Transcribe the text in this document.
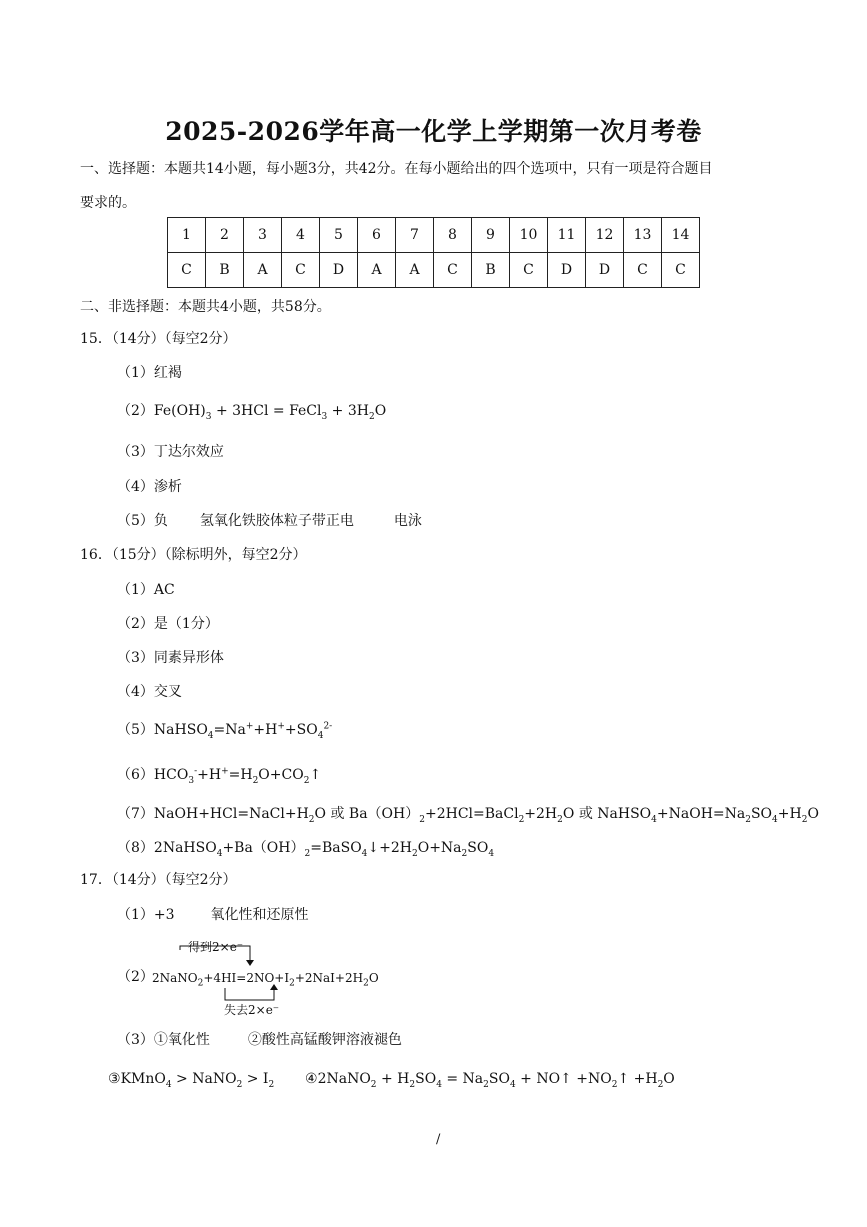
2025-2026学年高一化学上学期第一次月考卷
一、选择题：本题共14小题，每小题3分，共42分。在每小题给出的四个选项中，只有一项是符合题目
要求的。
1	2	3	4	5	6	7	8	9	10	11	12	13	14
C	B	A	C	D	A	A	C	B	C	D	D	C	C
二、非选择题：本题共4小题，共58分。
15．（14分）（每空2分）
（1）红褐
$(2)Fe(OH)_3 + 3HCl$ = FeCl$_3$ + $3H_2O$
（3）丁达尔效应
（4）渗析
（5）负 氢氧化铁胶体粒子带正电	电泳
16．（15分）（除标明外，每空2分）
（1）AC
（2）是（1分）
（3）同素异形体
（4）交叉
$(5)NaHSO_4=Na^++H^++SO_4^{2-}$
$(6)HCO_3^-+H^+=H_2O+CO_2↑$
$(7)NaOH+HCl=NaCl+H_2O$ 或 $Ba(OH)_2+2HCl=BaCl_2+2H_2O$ 或 $NaHSO_4+NaOH=Na_2SO_4+H_2O$
$(8)2NaHSO_4+Ba(OH)_2=BaSO_4↓+2H_2O+Na_2SO_4$
17．（14分）（每空2分）
（1）+3	氧化性和还原性
（2）
得到2×e⁻
$2NaNO_2+4HI=2NO+I_2+2NaI+2H_2O$
失去2×e⁻
（3）①氧化性	②酸性高锰酸钾溶液褪色
③KMnO$_4$ > NaNO$_2$ > $I_2$ ④2NaNO$_2$ + $H_2SO_4 = Na_2SO_4$ + NO↑ $+NO_2↑ +H_2O$
/
